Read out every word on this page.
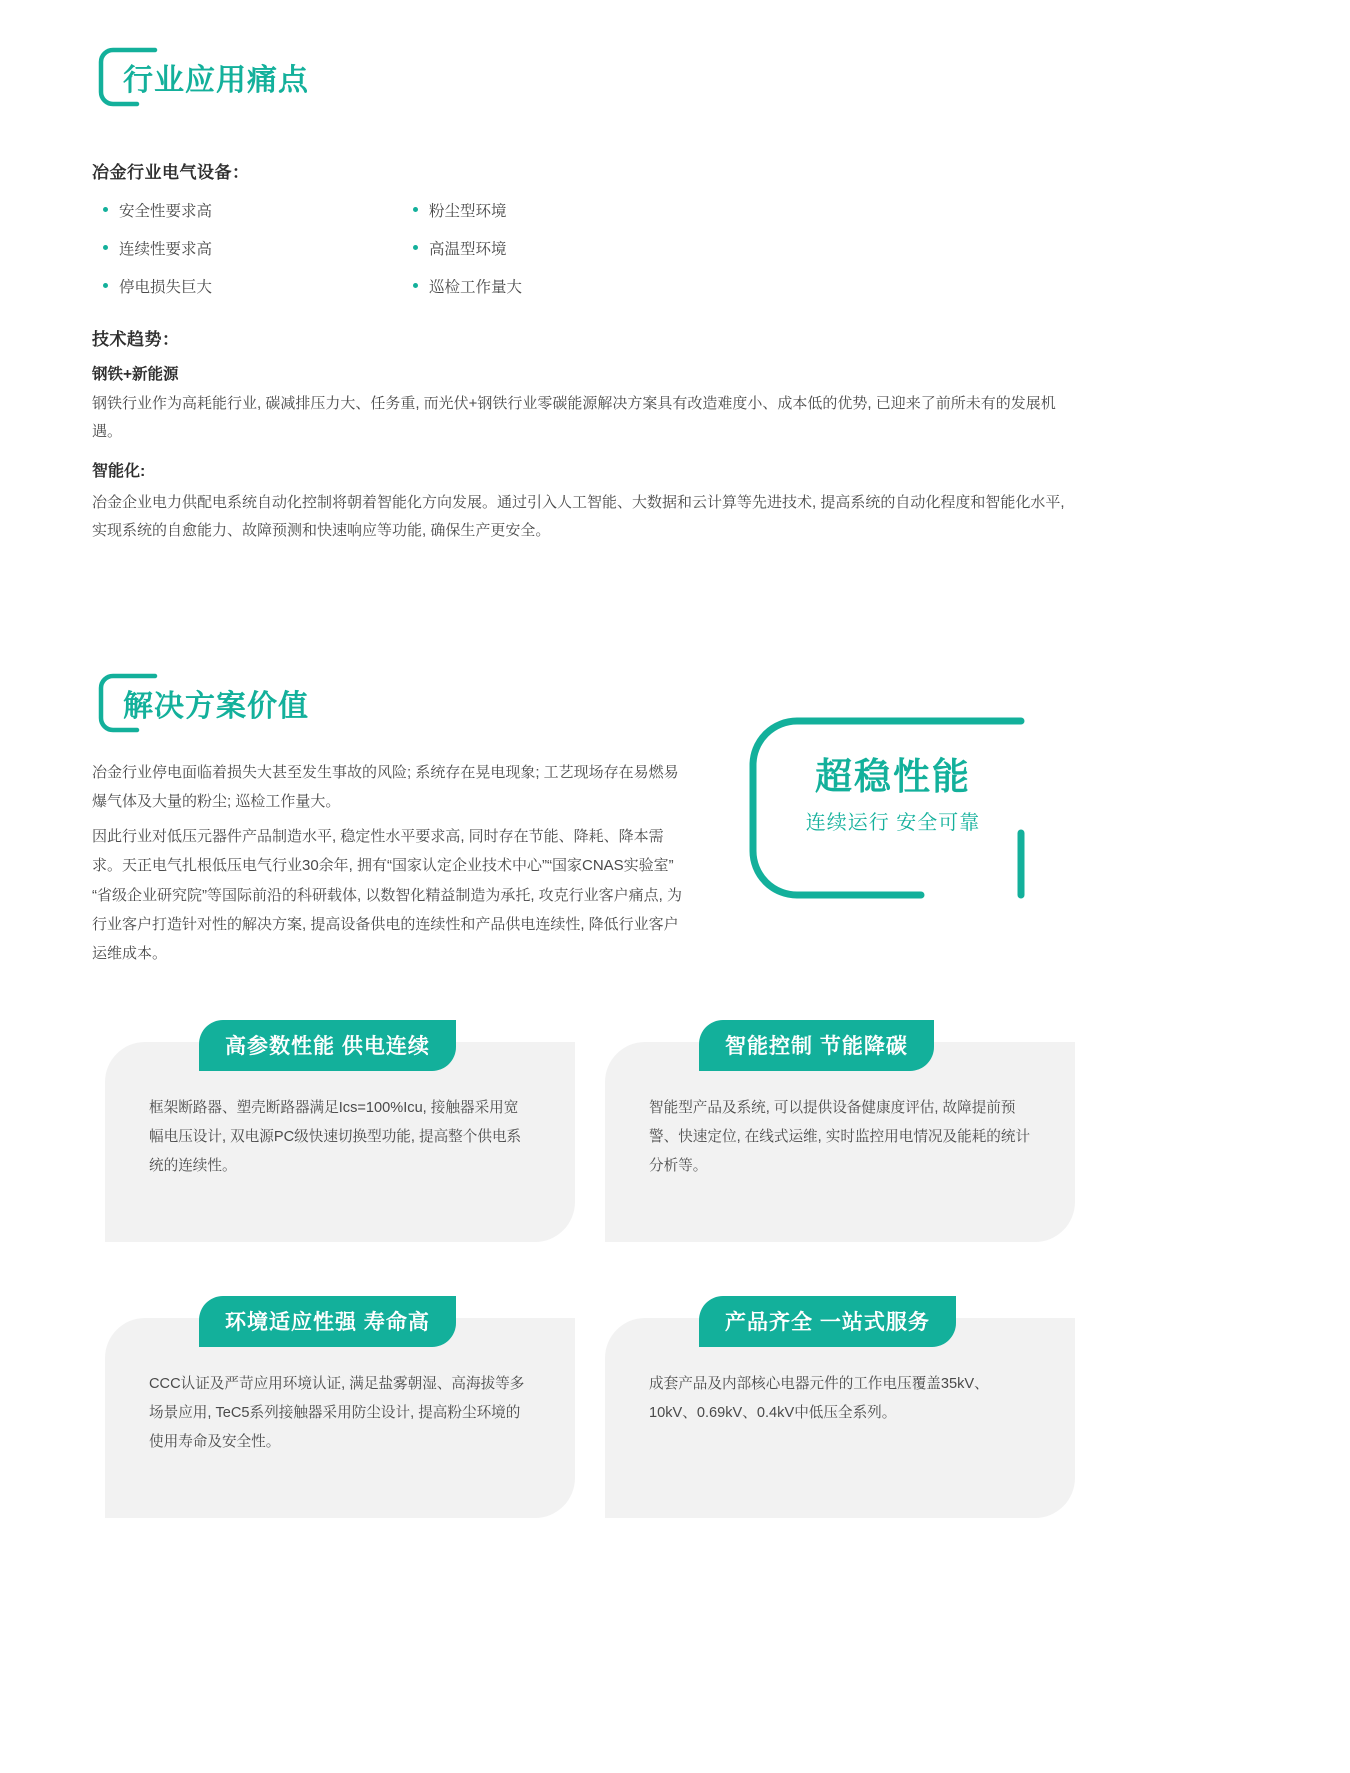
行业应用痛点
冶金行业电气设备：
安全性要求高
连续性要求高
停电损失巨大
粉尘型环境
高温型环境
巡检工作量大
技术趋势：
钢铁+新能源
钢铁行业作为高耗能行业, 碳减排压力大、任务重, 而光伏+钢铁行业零碳能源解决方案具有改造难度小、成本低的优势, 已迎来了前所未有的发展机遇。
智能化:
冶金企业电力供配电系统自动化控制将朝着智能化方向发展。通过引入人工智能、大数据和云计算等先进技术, 提高系统的自动化程度和智能化水平, 实现系统的自愈能力、故障预测和快速响应等功能, 确保生产更安全。
解决方案价值
冶金行业停电面临着损失大甚至发生事故的风险; 系统存在晃电现象; 工艺现场存在易燃易爆气体及大量的粉尘; 巡检工作量大。
因此行业对低压元器件产品制造水平, 稳定性水平要求高, 同时存在节能、降耗、降本需求。天正电气扎根低压电气行业30余年, 拥有“国家认定企业技术中心”“国家CNAS实验室”“省级企业研究院”等国际前沿的科研载体, 以数智化精益制造为承托, 攻克行业客户痛点, 为行业客户打造针对性的解决方案, 提高设备供电的连续性和产品供电连续性, 降低行业客户运维成本。
超稳性能
连续运行 安全可靠
高参数性能 供电连续
框架断路器、塑壳断路器满足Ics=100%Icu, 接触器采用宽幅电压设计, 双电源PC级快速切换型功能, 提高整个供电系统的连续性。
智能控制 节能降碳
智能型产品及系统, 可以提供设备健康度评估, 故障提前预警、快速定位, 在线式运维, 实时监控用电情况及能耗的统计分析等。
环境适应性强 寿命高
CCC认证及严苛应用环境认证, 满足盐雾朝湿、高海拔等多场景应用, TeC5系列接触器采用防尘设计, 提高粉尘环境的使用寿命及安全性。
产品齐全 一站式服务
成套产品及内部核心电器元件的工作电压覆盖35kV、10kV、0.69kV、0.4kV中低压全系列。
